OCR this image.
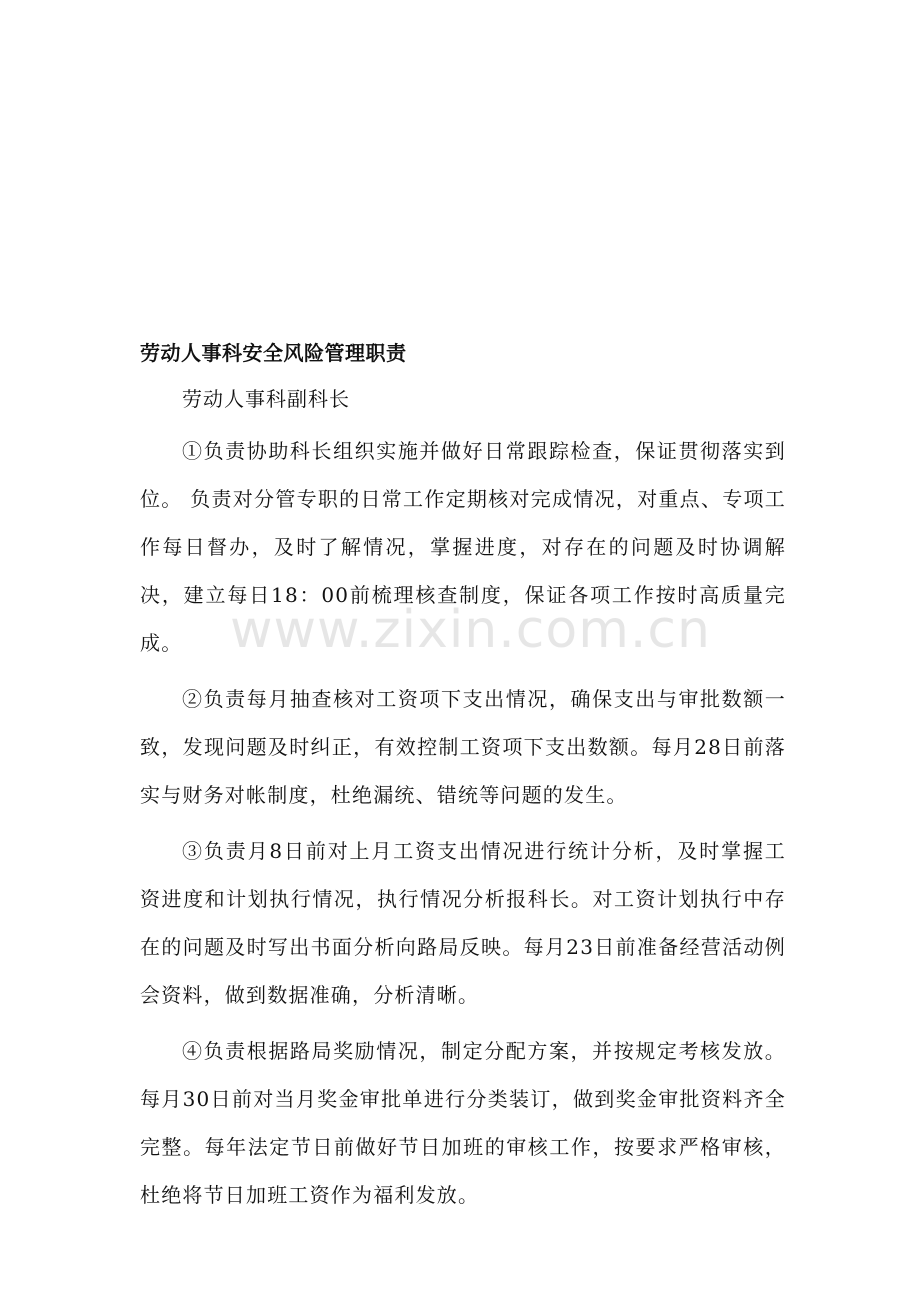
www.zixin.com.cn
劳动人事科安全风险管理职责
劳动人事科副科长

①负责协助科长组织实施并做好日常跟踪检查，保证贯彻落实到位。 负责对分管专职的日常工作定期核对完成情况，对重点、专项工作每日督办，及时了解情况，掌握进度，对存在的问题及时协调解决，建立每日18：00前梳理核查制度，保证各项工作按时高质量完成。

②负责每月抽查核对工资项下支出情况，确保支出与审批数额一致，发现问题及时纠正，有效控制工资项下支出数额。每月28日前落实与财务对帐制度，杜绝漏统、错统等问题的发生。

③负责月8日前对上月工资支出情况进行统计分析，及时掌握工资进度和计划执行情况，执行情况分析报科长。对工资计划执行中存在的问题及时写出书面分析向路局反映。每月23日前准备经营活动例会资料，做到数据准确，分析清晰。

④负责根据路局奖励情况，制定分配方案，并按规定考核发放。每月30日前对当月奖金审批单进行分类装订，做到奖金审批资料齐全完整。每年法定节日前做好节日加班的审核工作，按要求严格审核，杜绝将节日加班工资作为福利发放。
